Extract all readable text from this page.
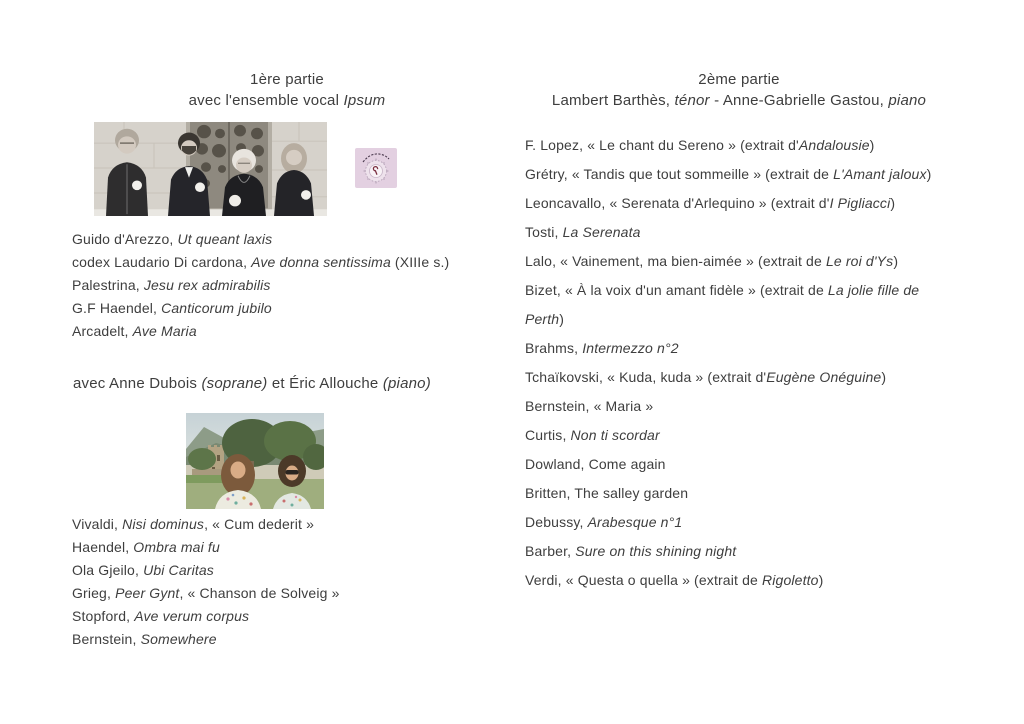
1ère partie
avec l'ensemble vocal Ipsum
Guido d'Arezzo, Ut queant laxis
codex Laudario Di cardona, Ave donna sentissima (XIIIe s.)
Palestrina, Jesu rex admirabilis
G.F Haendel, Canticorum jubilo
Arcadelt, Ave Maria
avec Anne Dubois (soprane) et Éric Allouche (piano)
Vivaldi, Nisi dominus, « Cum dederit »
Haendel, Ombra mai fu
Ola Gjeilo, Ubi Caritas
Grieg, Peer Gynt, « Chanson de Solveig »
Stopford, Ave verum corpus
Bernstein, Somewhere
2ème partie
Lambert Barthès, ténor - Anne-Gabrielle Gastou, piano
F. Lopez, « Le chant du Sereno » (extrait d'Andalousie)
Grétry, « Tandis que tout sommeille » (extrait de L'Amant jaloux)
Leoncavallo, « Serenata d'Arlequino » (extrait d'I Pigliacci)
Tosti, La Serenata
Lalo, « Vainement, ma bien-aimée » (extrait de Le roi d'Ys)
Bizet, « À la voix d'un amant fidèle » (extrait de La jolie fille de
Perth)
Brahms, Intermezzo n°2
Tchaïkovski, « Kuda, kuda » (extrait d'Eugène Onéguine)
Bernstein, « Maria »
Curtis, Non ti scordar
Dowland, Come again
Britten, The salley garden
Debussy, Arabesque n°1
Barber, Sure on this shining night
Verdi, « Questa o quella » (extrait de Rigoletto)
